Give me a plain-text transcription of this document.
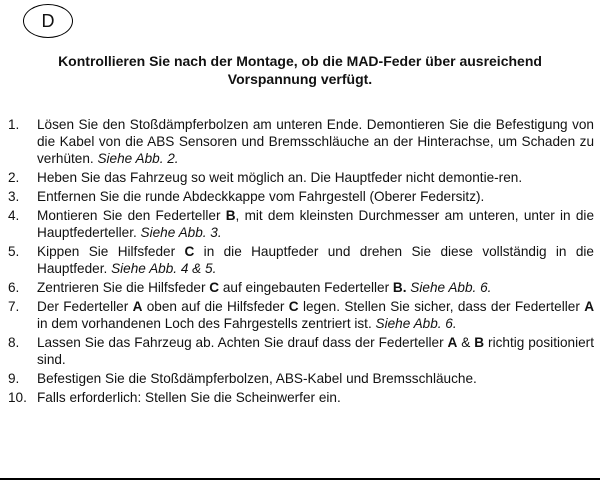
D
Kontrollieren Sie nach der Montage, ob die MAD-Feder über ausreichend
Vorspannung verfügt.
1. Lösen Sie den Stoßdämpferbolzen am unteren Ende. Demontieren Sie die Befestigung von die Kabel von die ABS Sensoren und Bremsschläuche an der Hinterachse, um Schaden zu verhüten. Siehe Abb. 2.
2. Heben Sie das Fahrzeug so weit möglich an. Die Hauptfeder nicht demontie-ren.
3. Entfernen Sie die runde Abdeckkappe vom Fahrgestell (Oberer Federsitz).
4. Montieren Sie den Federteller B, mit dem kleinsten Durchmesser am unteren, unter in die Hauptfederteller. Siehe Abb. 3.
5. Kippen Sie Hilfsfeder C in die Hauptfeder und drehen Sie diese vollständig in die Hauptfeder. Siehe Abb. 4 & 5.
6. Zentrieren Sie die Hilfsfeder C auf eingebauten Federteller B. Siehe Abb. 6.
7. Der Federteller A oben auf die Hilfsfeder C legen. Stellen Sie sicher, dass der Federteller A in dem vorhandenen Loch des Fahrgestells zentriert ist. Siehe Abb. 6.
8. Lassen Sie das Fahrzeug ab. Achten Sie drauf dass der Federteller A & B richtig positioniert sind.
9. Befestigen Sie die Stoßdämpferbolzen, ABS-Kabel und Bremsschläuche.
10. Falls erforderlich: Stellen Sie die Scheinwerfer ein.
